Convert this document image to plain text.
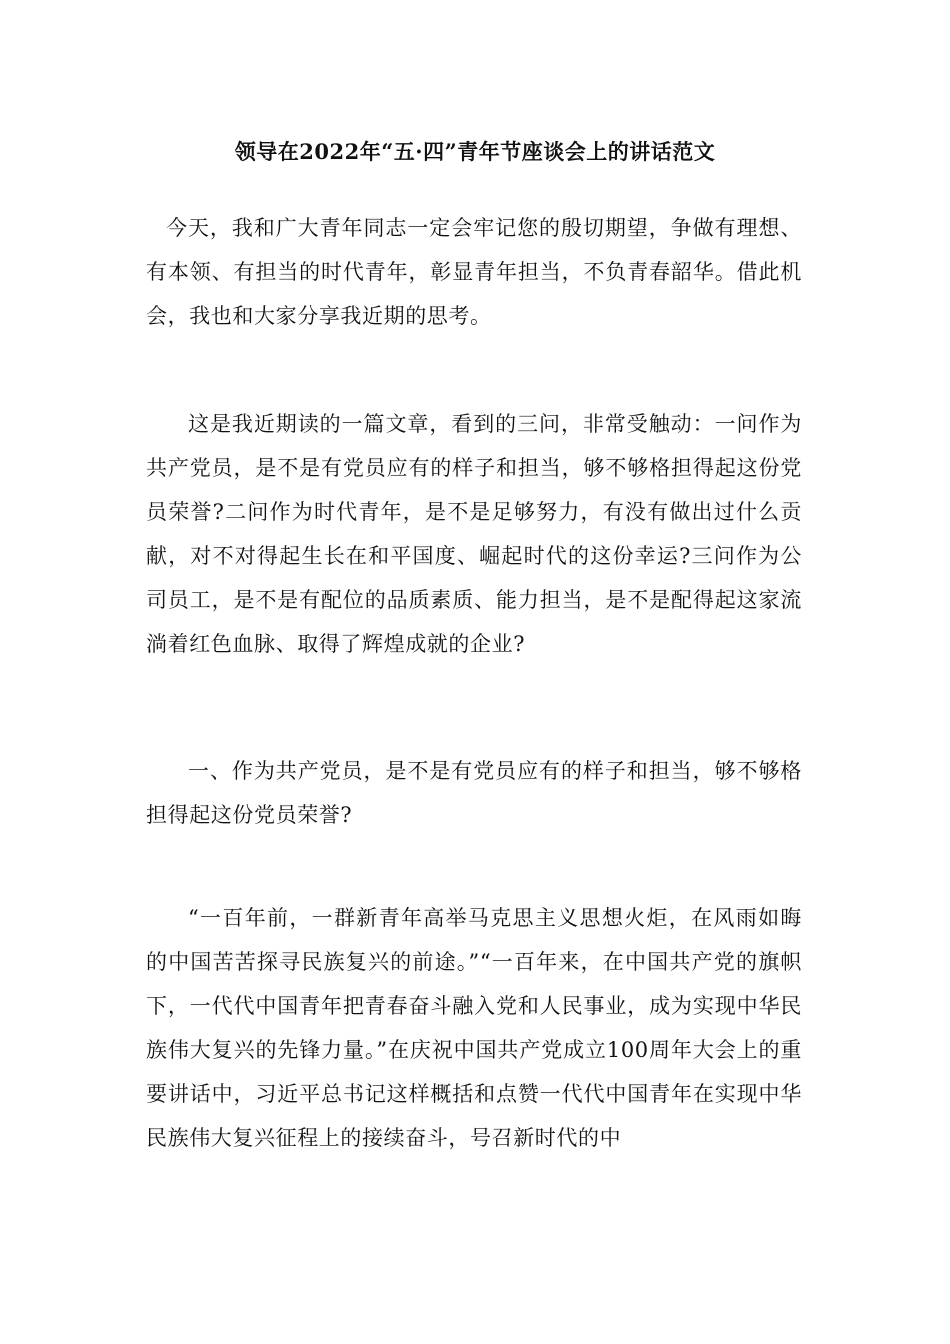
领导在2022年“五·四”青年节座谈会上的讲话范文

今天，我和广大青年同志一定会牢记您的殷切期望，争做有理想、有本领、有担当的时代青年，彰显青年担当，不负青春韶华。借此机会，我也和大家分享我近期的思考。

这是我近期读的一篇文章，看到的三问，非常受触动：一问作为共产党员，是不是有党员应有的样子和担当，够不够格担得起这份党员荣誉?二问作为时代青年，是不是足够努力，有没有做出过什么贡献，对不对得起生长在和平国度、崛起时代的这份幸运?三问作为公司员工，是不是有配位的品质素质、能力担当，是不是配得起这家流淌着红色血脉、取得了辉煌成就的企业?

一、作为共产党员，是不是有党员应有的样子和担当，够不够格担得起这份党员荣誉?

“一百年前，一群新青年高举马克思主义思想火炬，在风雨如晦的中国苦苦探寻民族复兴的前途。”“一百年来，在中国共产党的旗帜下，一代代中国青年把青春奋斗融入党和人民事业，成为实现中华民族伟大复兴的先锋力量。”在庆祝中国共产党成立100周年大会上的重要讲话中，习近平总书记这样概括和点赞一代代中国青年在实现中华民族伟大复兴征程上的接续奋斗，号召新时代的中
